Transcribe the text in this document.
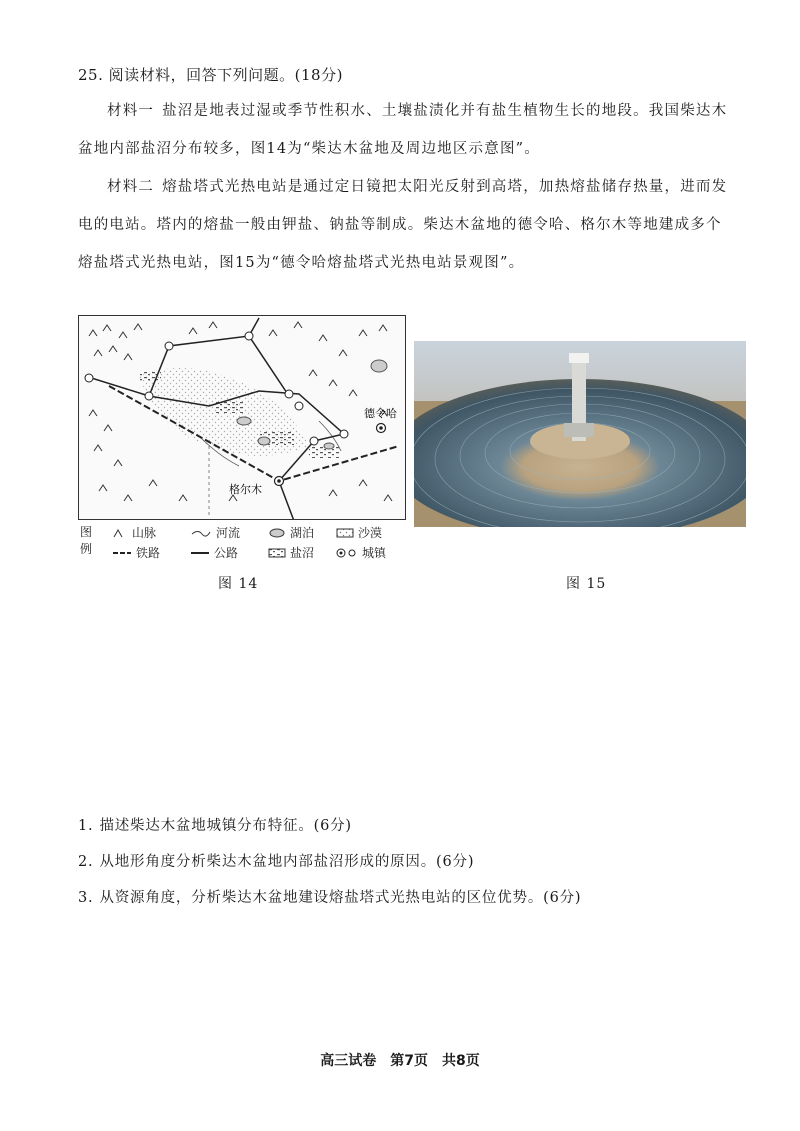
25. 阅读材料，回答下列问题。(18分)
材料一 盐沼是地表过湿或季节性积水、土壤盐渍化并有盐生植物生长的地段。我国柴达木盆地内部盐沼分布较多，图14为“柴达木盆地及周边地区示意图”。
材料二 熔盐塔式光热电站是通过定日镜把太阳光反射到高塔，加热熔盐储存热量，进而发电的电站。塔内的熔盐一般由钾盐、钠盐等制成。柴达木盆地的德令哈、格尔木等地建成多个熔盐塔式光热电站，图15为“德令哈熔盐塔式光热电站景观图”。
德令哈
格尔木
图例
山脉	河流	湖泊	沙漠
铁路	公路	盐沼	城镇
图 14	图 15
1. 描述柴达木盆地城镇分布特征。(6分)
2. 从地形角度分析柴达木盆地内部盐沼形成的原因。(6分)
3. 从资源角度，分析柴达木盆地建设熔盐塔式光热电站的区位优势。(6分)
高三试卷　第7页　共8页
